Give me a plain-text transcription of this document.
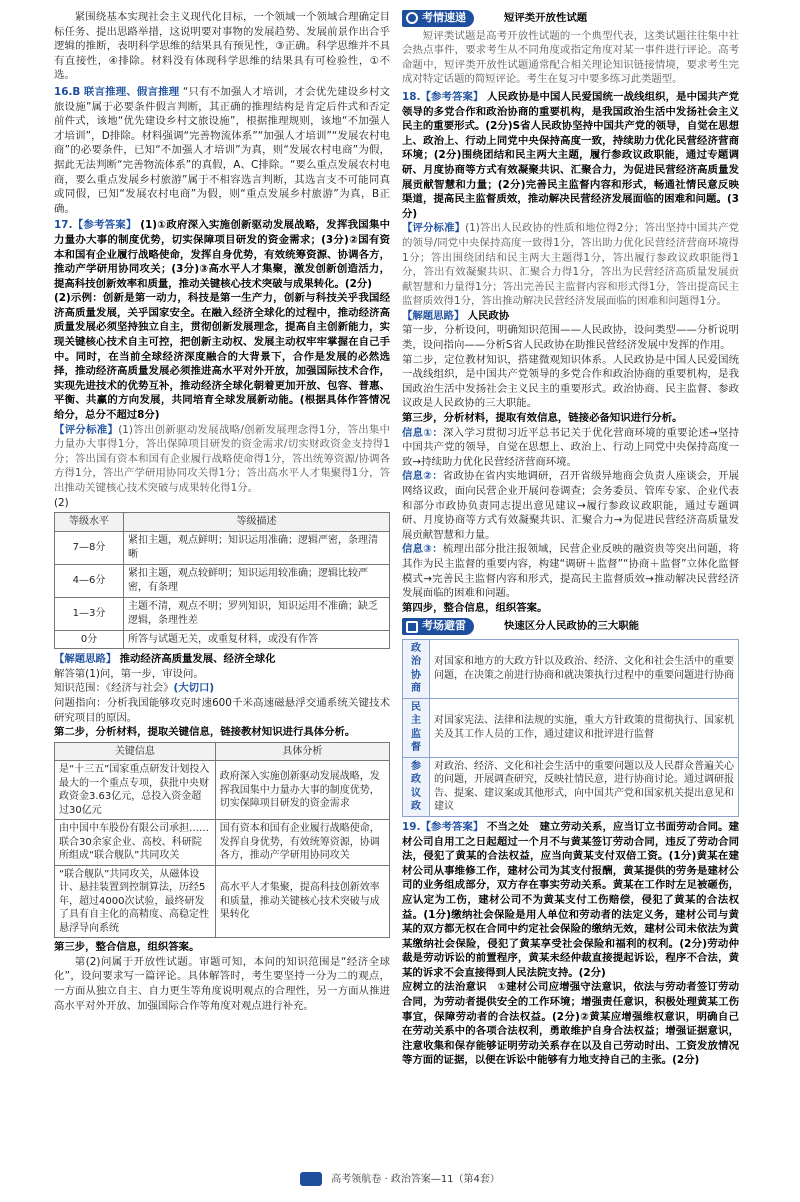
紧围绕基本实现社会主义现代化目标，一个领域一个领域合理确定目标任务、提出思路举措，这说明要对事物的发展趋势、发展前景作出合乎逻辑的推断，表明科学思维的结果具有预见性，③正确。科学思维并不具有直接性，④排除。材料没有体现科学思维的结果具有可检验性，①不选。

16.B 联言推理、假言推理 “只有不加强人才培训，才会优先建设乡村文旅设施”属于必要条件假言判断，其正确的推理结构是肯定后件式和否定前件式，该地“优先建设乡村文旅设施”，根据推理规则，该地“不加强人才培训”，D排除。材料强调“完善物流体系”“加强人才培训”“发展农村电商”的必要条件，已知“不加强人才培训”为真，则“发展农村电商”为假，据此无法判断“完善物流体系”的真假，A、C排除。“要么重点发展农村电商，要么重点发展乡村旅游”属于不相容选言判断，其选言支不可能同真或同假，已知“发展农村电商”为假，则“重点发展乡村旅游”为真，B正确。

17.【参考答案】 (1)①政府深入实施创新驱动发展战略，发挥我国集中力量办大事的制度优势，切实保障项目研发的资金需求；(3分)②国有资本和国有企业履行战略使命，发挥自身优势，有效统筹资源、协调各方，推动产学研用协同攻关；(3分)③高水平人才集聚，激发创新创造活力，提高科技创新效率和质量，推动关键核心技术突破与成果转化。(2分)

(2)示例：创新是第一动力，科技是第一生产力，创新与科技关乎我国经济高质量发展，关乎国家安全。在融入经济全球化的过程中，推动经济高质量发展必须坚持独立自主，贯彻创新发展理念，提高自主创新能力，实现关键核心技术自主可控，把创新主动权、发展主动权牢牢掌握在自己手中。同时，在当前全球经济深度融合的大背景下，合作是发展的必然选择，推动经济高质量发展必须推进高水平对外开放，加强国际技术合作，实现先进技术的优势互补，推动经济全球化朝着更加开放、包容、普惠、平衡、共赢的方向发展，共同培育全球发展新动能。(根据具体作答情况给分，总分不超过8分)

【评分标准】(1)答出创新驱动发展战略/创新发展理念得1分，答出集中力量办大事得1分，答出保障项目研发的资金需求/切实财政资金支持得1分；答出国有资本和国有企业履行战略使命得1分，答出统筹资源/协调各方得1分，答出产学研用协同攻关得1分；答出高水平人才集聚得1分，答出推动关键核心技术突破与成果转化得1分。

(2)

等级水平	等级描述
7—8分	紧扣主题，观点鲜明；知识运用准确；逻辑严密，条理清晰
4—6分	紧扣主题，观点较鲜明；知识运用较准确；逻辑比较严密，有条理
1—3分	主题不清，观点不明；罗列知识，知识运用不准确；缺乏逻辑，条理性差
0分	所答与试题无关，或重复材料，或没有作答

【解题思路】 推动经济高质量发展、经济全球化

解答第(1)问，第一步，审设问。

知识范围：《经济与社会》(大切口)

问题指向：分析我国能够攻克时速600千米高速磁悬浮交通系统关键技术研究项目的原因。

第二步，分析材料，提取关键信息，链接教材知识进行具体分析。

关键信息	具体分析
是“十三五”国家重点研发计划投入最大的一个重点专项，获批中央财政资金3.63亿元，总投入资金超过30亿元	政府深入实施创新驱动发展战略，发挥我国集中力量办大事的制度优势，切实保障项目研发的资金需求
由中国中车股份有限公司承担……联合30余家企业、高校、科研院所组成“联合舰队”共同攻关	国有资本和国有企业履行战略使命，发挥自身优势，有效统筹资源，协调各方，推动产学研用协同攻关
“联合舰队”共同攻关，从磁体设计、悬挂装置到控制算法，历经5年，超过4000次试验，最终研发了具有自主化的高精度、高稳定性悬浮导向系统	高水平人才集聚，提高科技创新效率和质量，推动关键核心技术突破与成果转化

第三步，整合信息，组织答案。

第(2)问属于开放性试题。审题可知，本问的知识范围是“经济全球化”，设问要求写一篇评论。具体解答时，考生要坚持一分为二的观点，一方面从独立自主、自力更生等角度说明观点的合理性，另一方面从推进高水平对外开放、加强国际合作等角度对观点进行补充。

考情速递	短评类开放性试题

短评类试题是高考开放性试题的一个典型代表，这类试题往往集中社会热点事件，要求考生从不同角度或指定角度对某一事件进行评论。高考命题中，短评类开放性试题通常配合相关理论知识链接情境，要求考生完成对特定话题的简短评论。考生在复习中要多练习此类题型。

18.【参考答案】 人民政协是中国人民爱国统一战线组织，是中国共产党领导的多党合作和政治协商的重要机构，是我国政治生活中发扬社会主义民主的重要形式。(2分)S省人民政协坚持中国共产党的领导，自觉在思想上、政治上、行动上同党中央保持高度一致，持续助力优化民营经济营商环境；(2分)围绕团结和民主两大主题，履行参政议政职能，通过专题调研、月度协商等方式有效凝聚共识、汇聚合力，为促进民营经济高质量发展贡献智慧和力量；(2分)完善民主监督内容和形式，畅通社情民意反映渠道，提高民主监督质效，推动解决民营经济发展面临的困难和问题。(3分)

【评分标准】(1)答出人民政协的性质和地位得2分；答出坚持中国共产党的领导/同党中央保持高度一致得1分，答出助力优化民营经济营商环境得1分；答出围绕团结和民主两大主题得1分，答出履行参政议政职能得1分，答出有效凝聚共识、汇聚合力得1分，答出为民营经济高质量发展贡献智慧和力量得1分；答出完善民主监督内容和形式得1分，答出提高民主监督质效得1分，答出推动解决民营经济发展面临的困难和问题得1分。

【解题思路】 人民政协

第一步，分析设问，明确知识范围——人民政协，设问类型——分析说明类，设问指向——分析S省人民政协在助推民营经济发展中发挥的作用。

第二步，定位教材知识，搭建微观知识体系。人民政协是中国人民爱国统一战线组织，是中国共产党领导的多党合作和政治协商的重要机构，是我国政治生活中发扬社会主义民主的重要形式。政治协商、民主监督、参政议政是人民政协的三大职能。

第三步，分析材料，提取有效信息，链接必备知识进行分析。

信息①：深入学习贯彻习近平总书记关于优化营商环境的重要论述→坚持中国共产党的领导，自觉在思想上、政治上、行动上同党中央保持高度一致→持续助力优化民营经济营商环境。

信息②：省政协在省内实地调研，召开省级异地商会负责人座谈会，开展网络议政，面向民营企业开展问卷调查；会务委员、管库专家、企业代表和部分市政协负责同志提出意见建议→履行参政议政职能，通过专题调研、月度协商等方式有效凝聚共识、汇聚合力→为促进民营经济高质量发展贡献智慧和力量。

信息③：梳理出部分批注报领域，民营企业反映的融资贵等突出问题，将其作为民主监督的重要内容，构建“调研＋监督”“协商＋监督”立体化监督模式→完善民主监督内容和形式，提高民主监督质效→推动解决民营经济发展面临的困难和问题。

第四步，整合信息，组织答案。

考场避雷	快速区分人民政协的三大职能
政治协商	对国家和地方的大政方针以及政治、经济、文化和社会生活中的重要问题，在决策之前进行协商和就决策执行过程中的重要问题进行协商
民主监督	对国家宪法、法律和法规的实施，重大方针政策的贯彻执行、国家机关及其工作人员的工作，通过建议和批评进行监督
参政议政	对政治、经济、文化和社会生活中的重要问题以及人民群众普遍关心的问题，开展调查研究，反映社情民意，进行协商讨论。通过调研报告、提案、建议案或其他形式，向中国共产党和国家机关提出意见和建议

19.【参考答案】 不当之处　建立劳动关系，应当订立书面劳动合同。建材公司自用工之日起超过一个月不与黄某签订劳动合同，违反了劳动合同法，侵犯了黄某的合法权益，应当向黄某支付双倍工资。(1分)黄某在建材公司从事维修工作，建材公司为其支付报酬，黄某提供的劳务是建材公司的业务组成部分，双方存在事实劳动关系。黄某在工作时左足被砸伤，应认定为工伤，建材公司不为黄某支付工伤赔偿，侵犯了黄某的合法权益。(1分)缴纳社会保险是用人单位和劳动者的法定义务，建材公司与黄某的双方都无权在合同中约定社会保险的缴纳无效，建材公司未依法为黄某缴纳社会保险，侵犯了黄某享受社会保险和福利的权利。(2分)劳动仲裁是劳动诉讼的前置程序，黄某未经仲裁直接提起诉讼，程序不合法，黄某的诉求不会直接得到人民法院支持。(2分)

应树立的法治意识　①建材公司应增强守法意识，依法与劳动者签订劳动合同，为劳动者提供安全的工作环境；增强责任意识，积极处理黄某工伤事宜，保障劳动者的合法权益。(2分)②黄某应增强维权意识，明确自己在劳动关系中的各项合法权利，勇敢维护自身合法权益；增强证据意识，注意收集和保存能够证明劳动关系存在以及自己劳动时出、工资发放情况等方面的证据，以便在诉讼中能够有力地支持自己的主张。(2分)

高考领航卷 · 政治答案—11（第4套）
